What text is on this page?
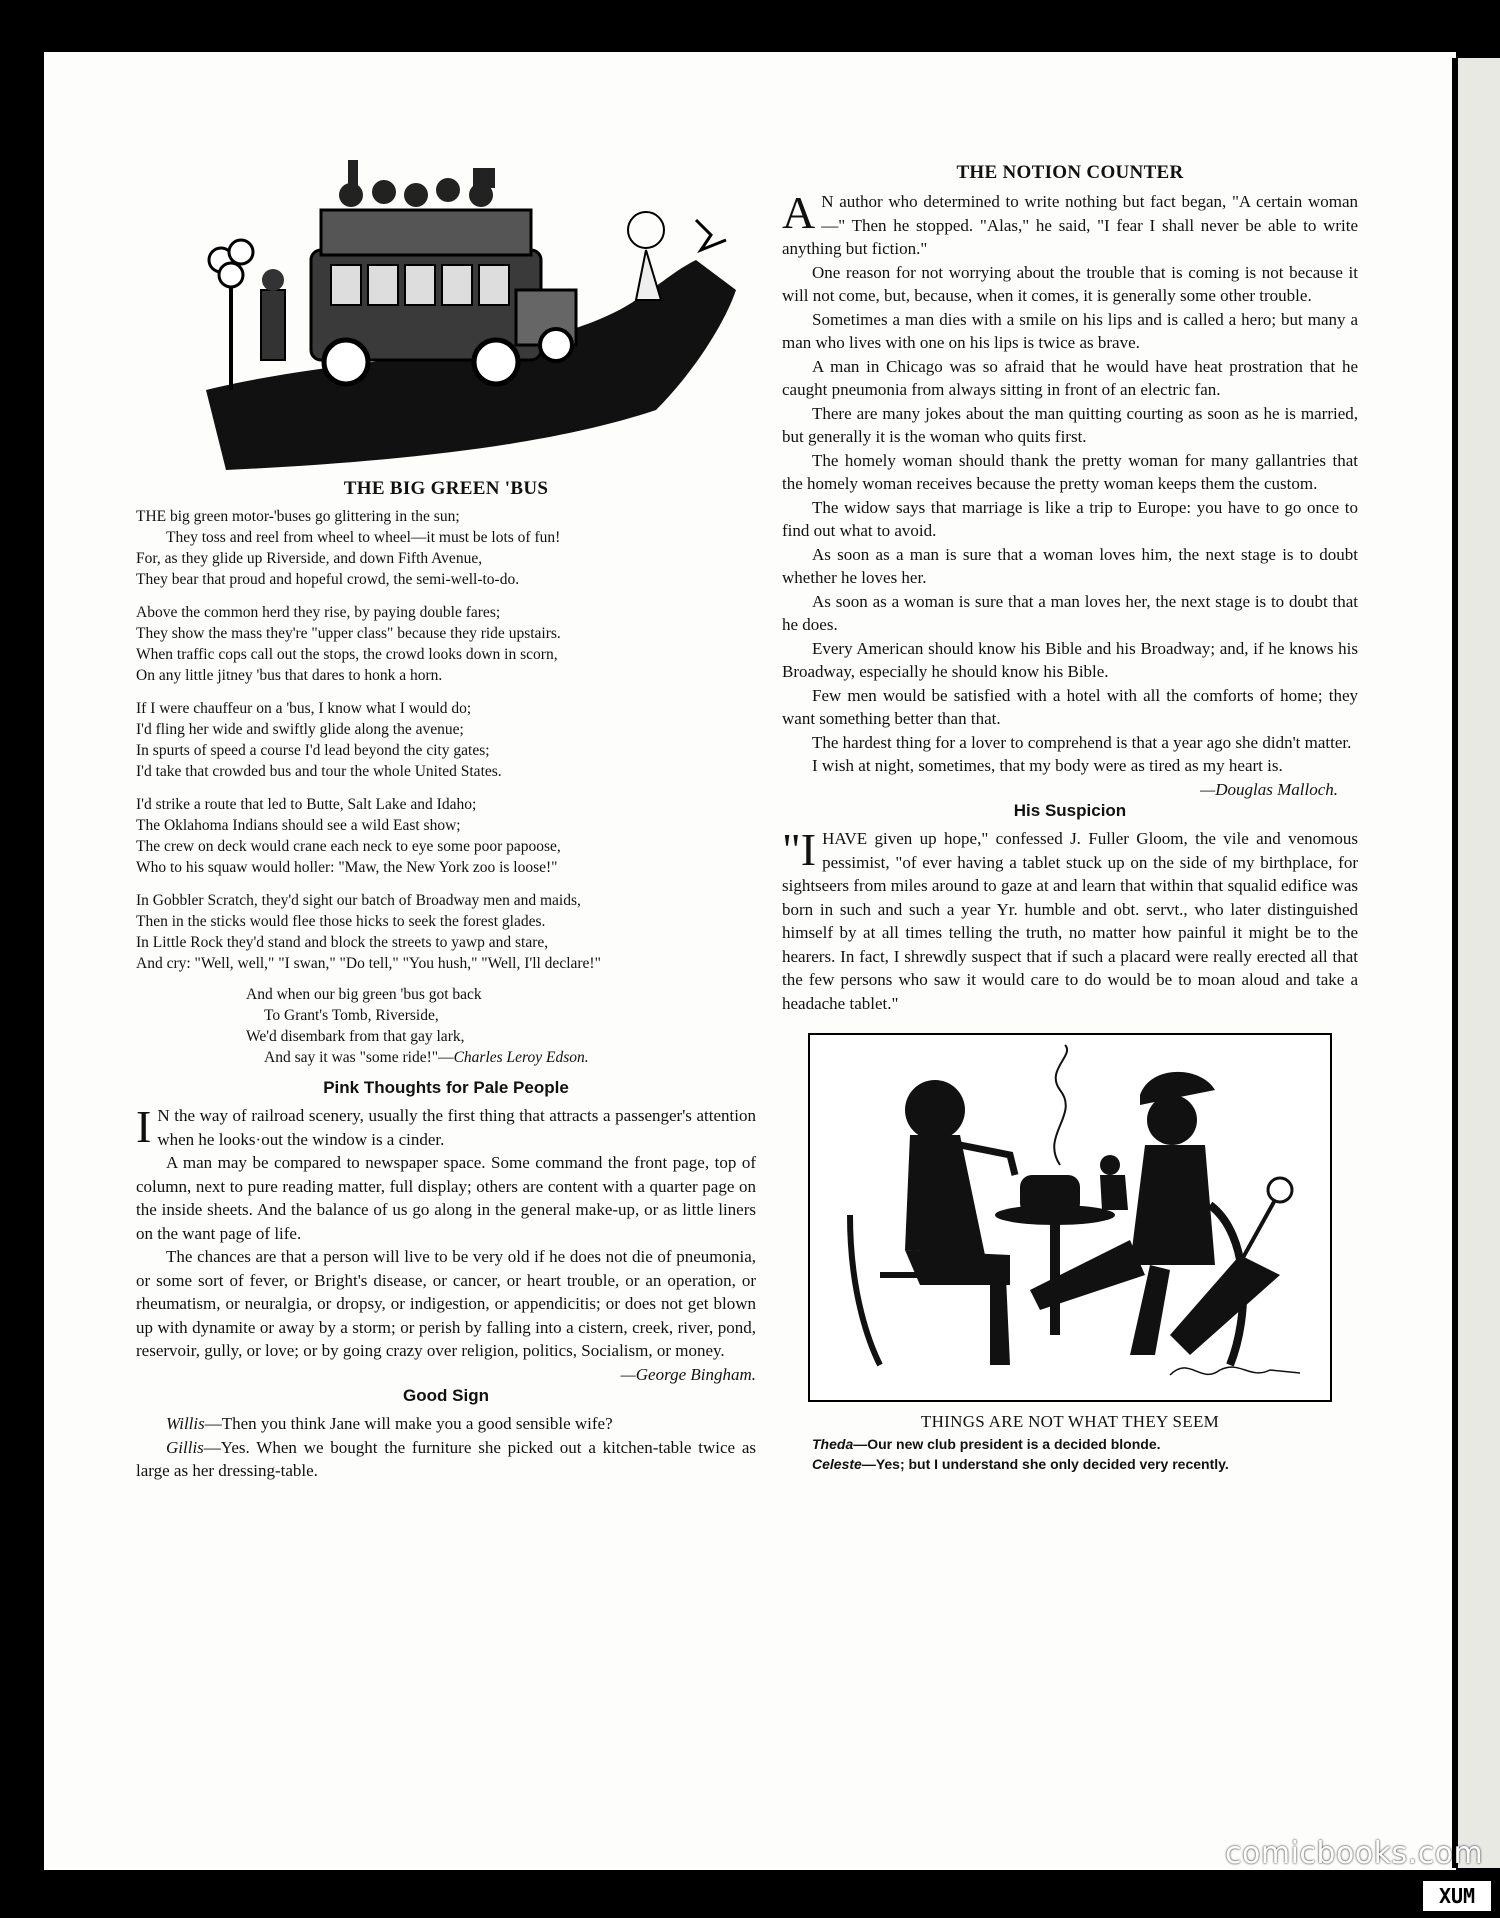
THE BIG GREEN 'BUS

THE big green motor-'buses go glittering in the sun;

They toss and reel from wheel to wheel—it must be lots of fun!

For, as they glide up Riverside, and down Fifth Avenue,

They bear that proud and hopeful crowd, the semi-well-to-do.

Above the common herd they rise, by paying double fares;

They show the mass they're "upper class" because they ride upstairs.

When traffic cops call out the stops, the crowd looks down in scorn,

On any little jitney 'bus that dares to honk a horn.

If I were chauffeur on a 'bus, I know what I would do;

I'd fling her wide and swiftly glide along the avenue;

In spurts of speed a course I'd lead beyond the city gates;

I'd take that crowded bus and tour the whole United States.

I'd strike a route that led to Butte, Salt Lake and Idaho;

The Oklahoma Indians should see a wild East show;

The crew on deck would crane each neck to eye some poor papoose,

Who to his squaw would holler: "Maw, the New York zoo is loose!"

In Gobbler Scratch, they'd sight our batch of Broadway men and maids,

Then in the sticks would flee those hicks to seek the forest glades.

In Little Rock they'd stand and block the streets to yawp and stare,

And cry: "Well, well," "I swan," "Do tell," "You hush," "Well, I'll declare!"

And when our big green 'bus got back

To Grant's Tomb, Riverside,

We'd disembark from that gay lark,

And say it was "some ride!"—Charles Leroy Edson.

Pink Thoughts for Pale People

I N the way of railroad scenery, usually the first thing that attracts a passenger's attention when he looks·out the window is a cinder.

A man may be compared to newspaper space. Some command the front page, top of column, next to pure reading matter, full display; others are content with a quarter page on the inside sheets. And the balance of us go along in the general make-up, or as little liners on the want page of life.

The chances are that a person will live to be very old if he does not die of pneumonia, or some sort of fever, or Bright's disease, or cancer, or heart trouble, or an operation, or rheumatism, or neuralgia, or dropsy, or indigestion, or appendicitis; or does not get blown up with dynamite or away by a storm; or perish by falling into a cistern, creek, river, pond, reservoir, gully, or love; or by going crazy over religion, politics, Socialism, or money.
—George Bingham.

Good Sign

Willis—Then you think Jane will make you a good sensible wife?

Gillis—Yes. When we bought the furniture she picked out a kitchen-table twice as large as her dressing-table.

THE NOTION COUNTER

A N author who determined to write nothing but fact began, "A certain woman—" Then he stopped. "Alas," he said, "I fear I shall never be able to write anything but fiction."

One reason for not worrying about the trouble that is coming is not because it will not come, but, because, when it comes, it is generally some other trouble.

Sometimes a man dies with a smile on his lips and is called a hero; but many a man who lives with one on his lips is twice as brave.

A man in Chicago was so afraid that he would have heat prostration that he caught pneumonia from always sitting in front of an electric fan.

There are many jokes about the man quitting courting as soon as he is married, but generally it is the woman who quits first.

The homely woman should thank the pretty woman for many gallantries that the homely woman receives because the pretty woman keeps them the custom.

The widow says that marriage is like a trip to Europe: you have to go once to find out what to avoid.

As soon as a man is sure that a woman loves him, the next stage is to doubt whether he loves her.

As soon as a woman is sure that a man loves her, the next stage is to doubt that he does.

Every American should know his Bible and his Broadway; and, if he knows his Broadway, especially he should know his Bible.

Few men would be satisfied with a hotel with all the comforts of home; they want something better than that.

The hardest thing for a lover to comprehend is that a year ago she didn't matter.

I wish at night, sometimes, that my body were as tired as my heart is.
—Douglas Malloch.

His Suspicion

"I HAVE given up hope," confessed J. Fuller Gloom, the vile and venomous pessimist, "of ever having a tablet stuck up on the side of my birthplace, for sightseers from miles around to gaze at and learn that within that squalid edifice was born in such and such a year Yr. humble and obt. servt., who later distinguished himself by at all times telling the truth, no matter how painful it might be to the hearers. In fact, I shrewdly suspect that if such a placard were really erected all that the few persons who saw it would care to do would be to moan aloud and take a headache tablet."

THINGS ARE NOT WHAT THEY SEEM
Theda—Our new club president is a decided blonde.
Celeste—Yes; but I understand she only decided very recently.
comicbooks.com
XUM
